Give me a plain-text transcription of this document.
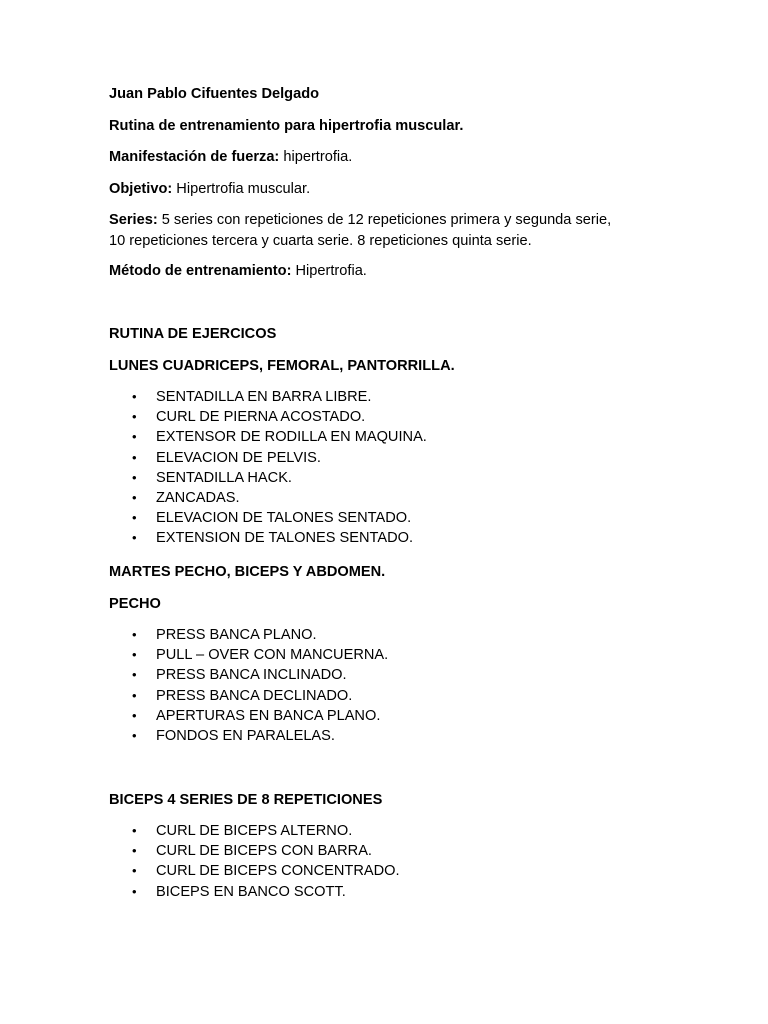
Juan Pablo Cifuentes Delgado
Rutina de entrenamiento para hipertrofia muscular.
Manifestación de fuerza: hipertrofia.
Objetivo: Hipertrofia muscular.
Series: 5 series con repeticiones de 12 repeticiones primera y segunda serie,
10 repeticiones tercera y cuarta serie. 8 repeticiones quinta serie.
Método de entrenamiento: Hipertrofia.
RUTINA DE EJERCICOS
LUNES CUADRICEPS, FEMORAL, PANTORRILLA.
• SENTADILLA EN BARRA LIBRE.
• CURL DE PIERNA ACOSTADO.
• EXTENSOR DE RODILLA EN MAQUINA.
• ELEVACION DE PELVIS.
• SENTADILLA HACK.
• ZANCADAS.
• ELEVACION DE TALONES SENTADO.
• EXTENSION DE TALONES SENTADO.
MARTES PECHO, BICEPS Y ABDOMEN.
PECHO
• PRESS BANCA PLANO.
• PULL – OVER CON MANCUERNA.
• PRESS BANCA INCLINADO.
• PRESS BANCA DECLINADO.
• APERTURAS EN BANCA PLANO.
• FONDOS EN PARALELAS.
BICEPS 4 SERIES DE 8 REPETICIONES
• CURL DE BICEPS ALTERNO.
• CURL DE BICEPS CON BARRA.
• CURL DE BICEPS CONCENTRADO.
• BICEPS EN BANCO SCOTT.
